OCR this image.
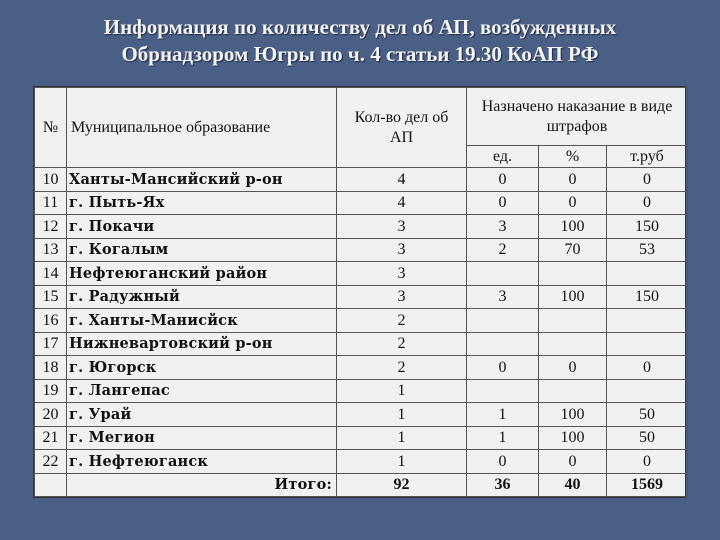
Информация по количеству дел об АП, возбужденных
Обрнадзором Югры по ч. 4 статьи 19.30 КоАП РФ
№	Муниципальное образование	Кол-во дел об АП	Назначено наказание в виде штрафов		
			ед.	%	т.руб
10	Ханты-Мансийский р-он	4	0	0	0
11	г. Пыть-Ях	4	0	0	0
12	г. Покачи	3	3	100	150
13	г. Когалым	3	2	70	53
14	Нефтеюганский район	3			
15	г. Радужный	3	3	100	150
16	г. Ханты-Манисйск	2			
17	Нижневартовский р-он	2			
18	г. Югорск	2	0	0	0
19	г. Лангепас	1			
20	г. Урай	1	1	100	50
21	г. Мегион	1	1	100	50
22	г. Нефтеюганск	1	0	0	0
	Итого:	92	36	40	1569
